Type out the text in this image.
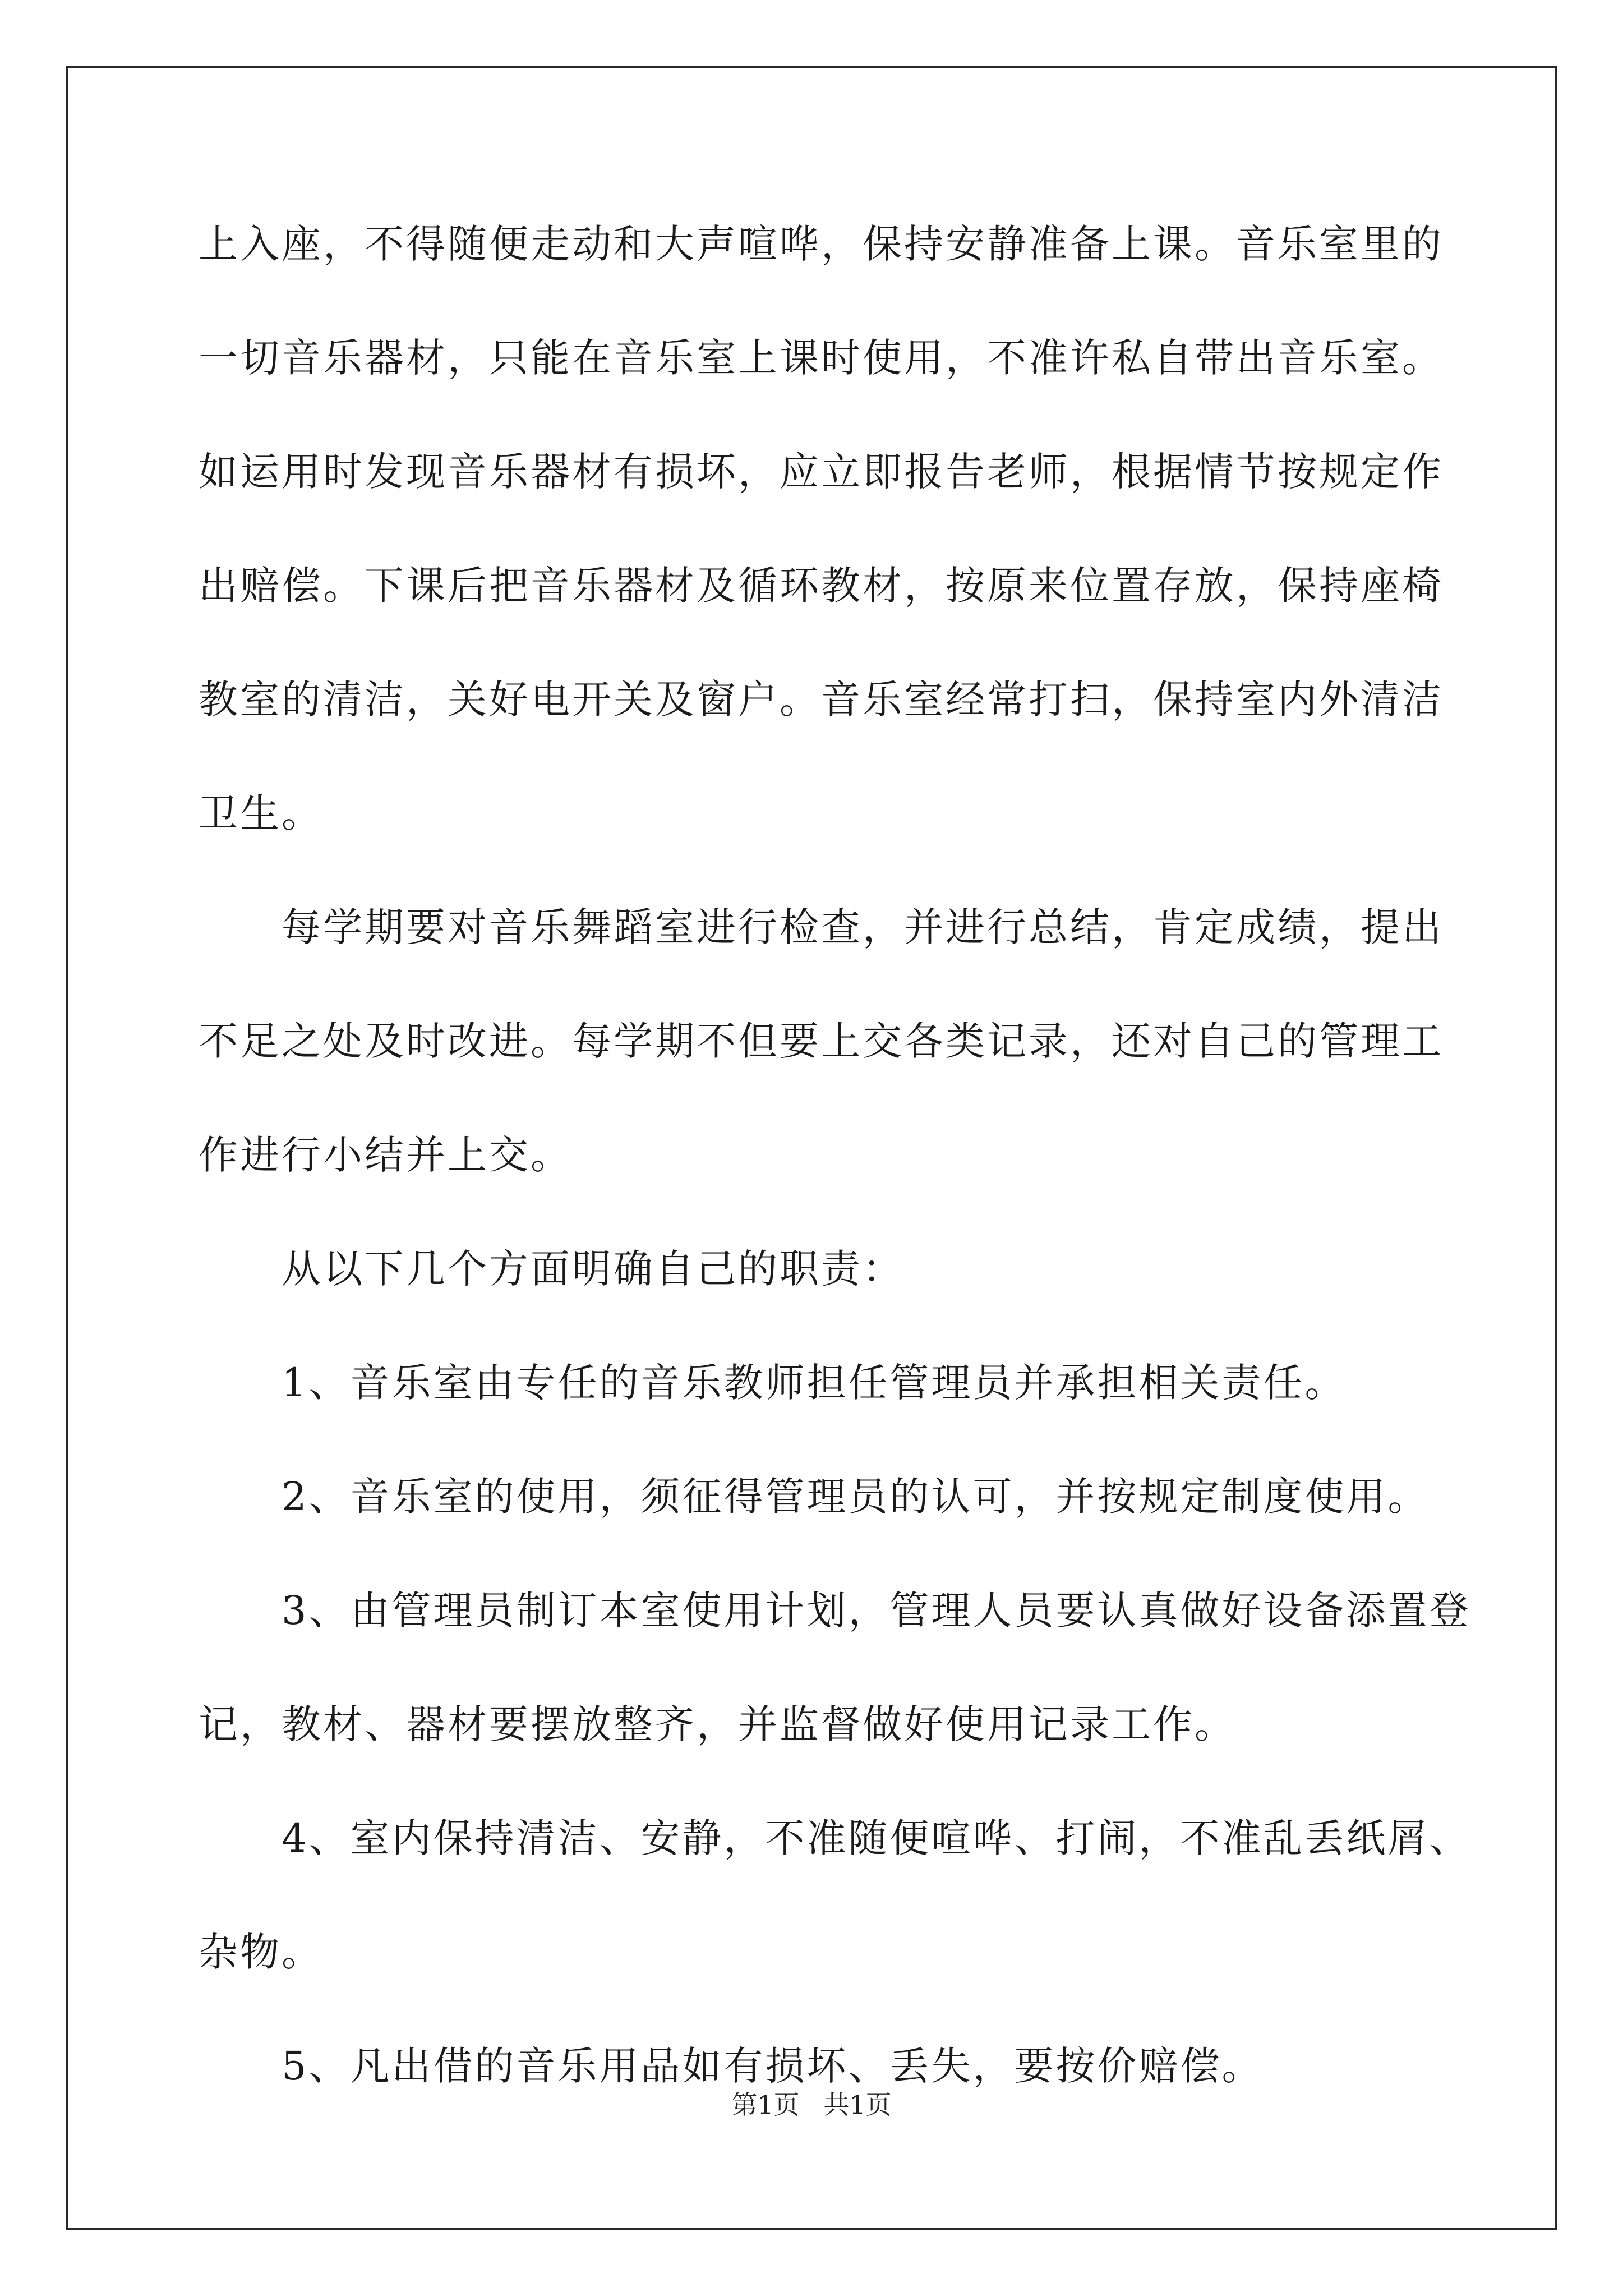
上入座，不得随便走动和大声喧哗，保持安静准备上课。音乐室里的
一切音乐器材，只能在音乐室上课时使用，不准许私自带出音乐室。
如运用时发现音乐器材有损坏，应立即报告老师，根据情节按规定作
出赔偿。下课后把音乐器材及循环教材，按原来位置存放，保持座椅
教室的清洁，关好电开关及窗户。音乐室经常打扫，保持室内外清洁
卫生。
　　每学期要对音乐舞蹈室进行检查，并进行总结，肯定成绩，提出
不足之处及时改进。每学期不但要上交各类记录，还对自己的管理工
作进行小结并上交。
　　从以下几个方面明确自己的职责：
　　1、音乐室由专任的音乐教师担任管理员并承担相关责任。
　　2、音乐室的使用，须征得管理员的认可，并按规定制度使用。
　　3、由管理员制订本室使用计划，管理人员要认真做好设备添置登
记，教材、器材要摆放整齐，并监督做好使用记录工作。
　　4、室内保持清洁、安静，不准随便喧哗、打闹，不准乱丢纸屑、
杂物。
　　5、凡出借的音乐用品如有损坏、丢失，要按价赔偿。
第1页 共1页
